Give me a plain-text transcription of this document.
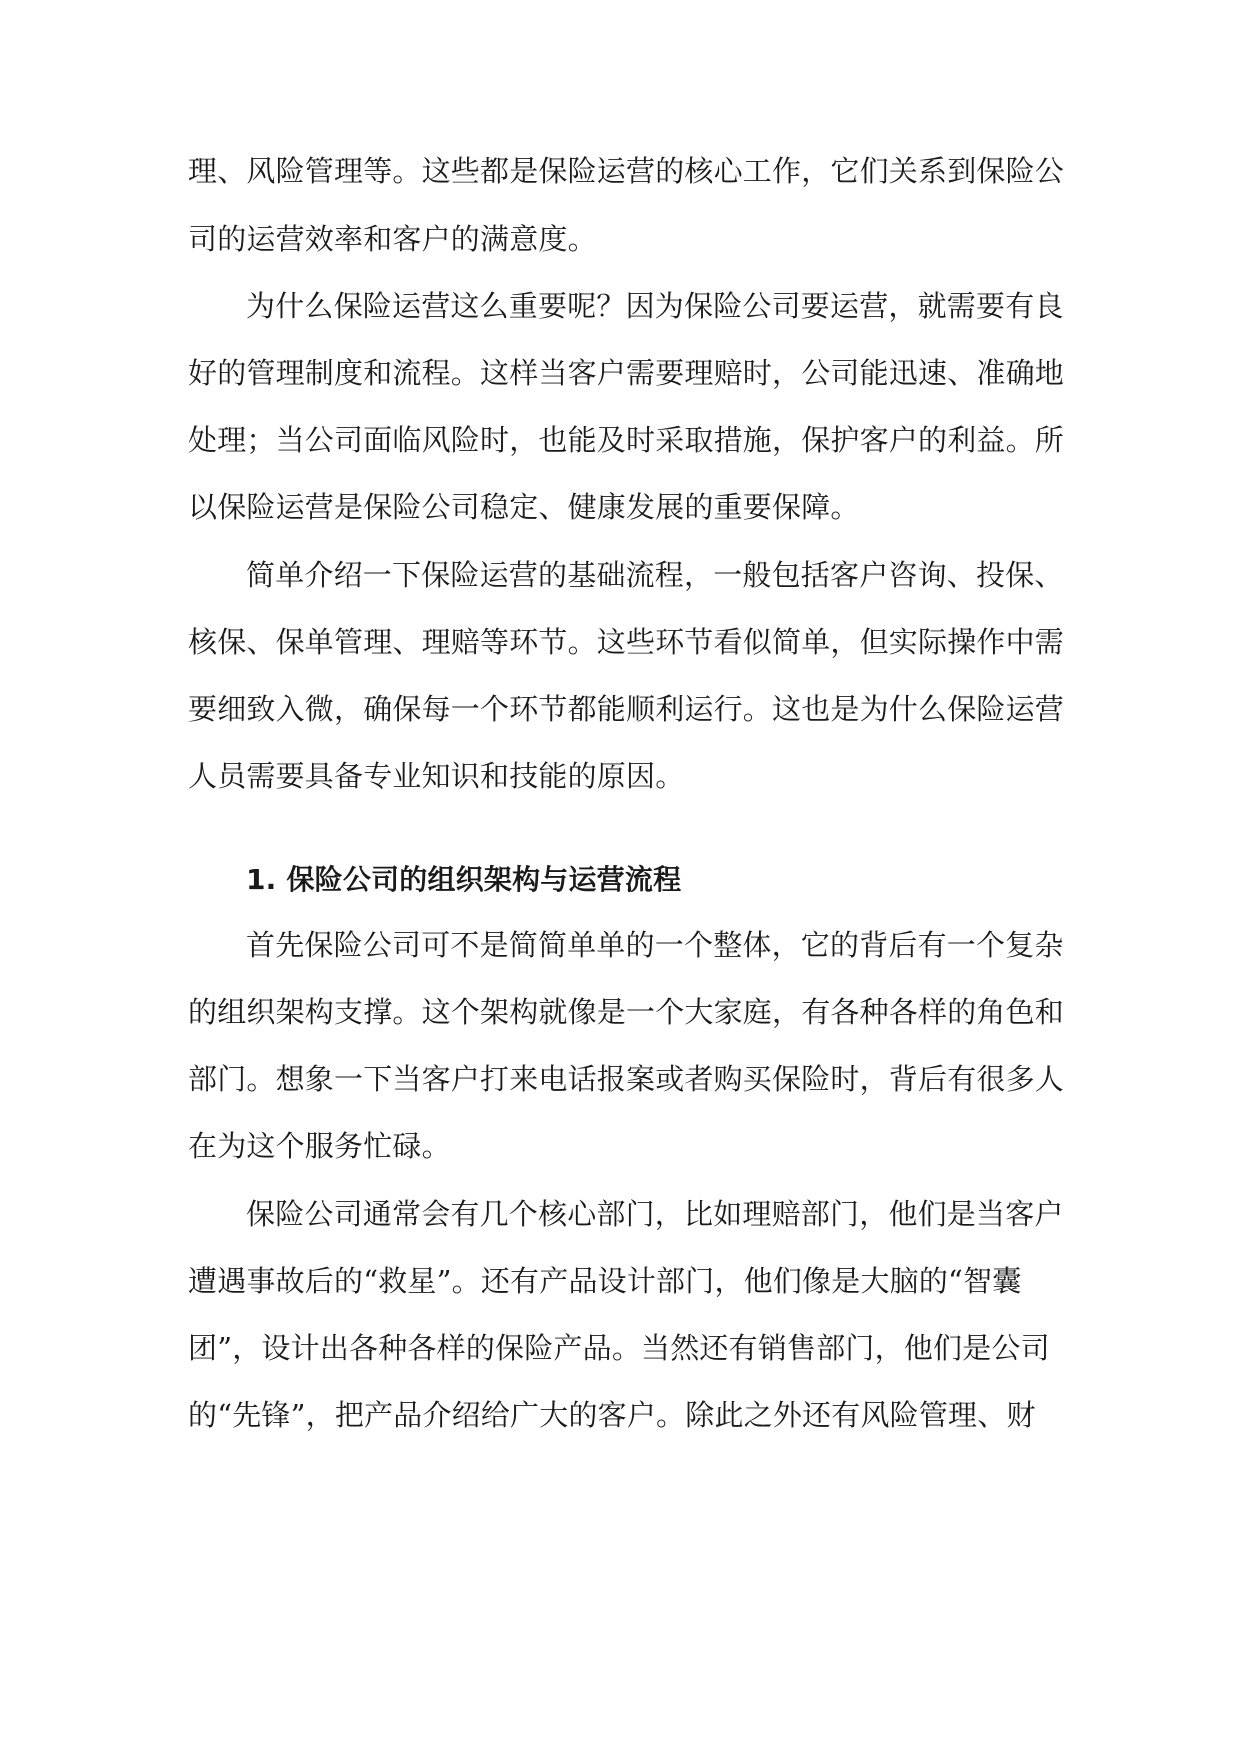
理、风险管理等。这些都是保险运营的核心工作，它们关系到保险公
司的运营效率和客户的满意度。
为什么保险运营这么重要呢？因为保险公司要运营，就需要有良
好的管理制度和流程。这样当客户需要理赔时，公司能迅速、准确地
处理；当公司面临风险时，也能及时采取措施，保护客户的利益。所
以保险运营是保险公司稳定、健康发展的重要保障。
简单介绍一下保险运营的基础流程，一般包括客户咨询、投保、
核保、保单管理、理赔等环节。这些环节看似简单，但实际操作中需
要细致入微，确保每一个环节都能顺利运行。这也是为什么保险运营
人员需要具备专业知识和技能的原因。
1. 保险公司的组织架构与运营流程
首先保险公司可不是简简单单的一个整体，它的背后有一个复杂
的组织架构支撑。这个架构就像是一个大家庭，有各种各样的角色和
部门。想象一下当客户打来电话报案或者购买保险时，背后有很多人
在为这个服务忙碌。
保险公司通常会有几个核心部门，比如理赔部门，他们是当客户
遭遇事故后的“救星”。还有产品设计部门，他们像是大脑的“智囊
团”，设计出各种各样的保险产品。当然还有销售部门，他们是公司
的“先锋”，把产品介绍给广大的客户。除此之外还有风险管理、财
